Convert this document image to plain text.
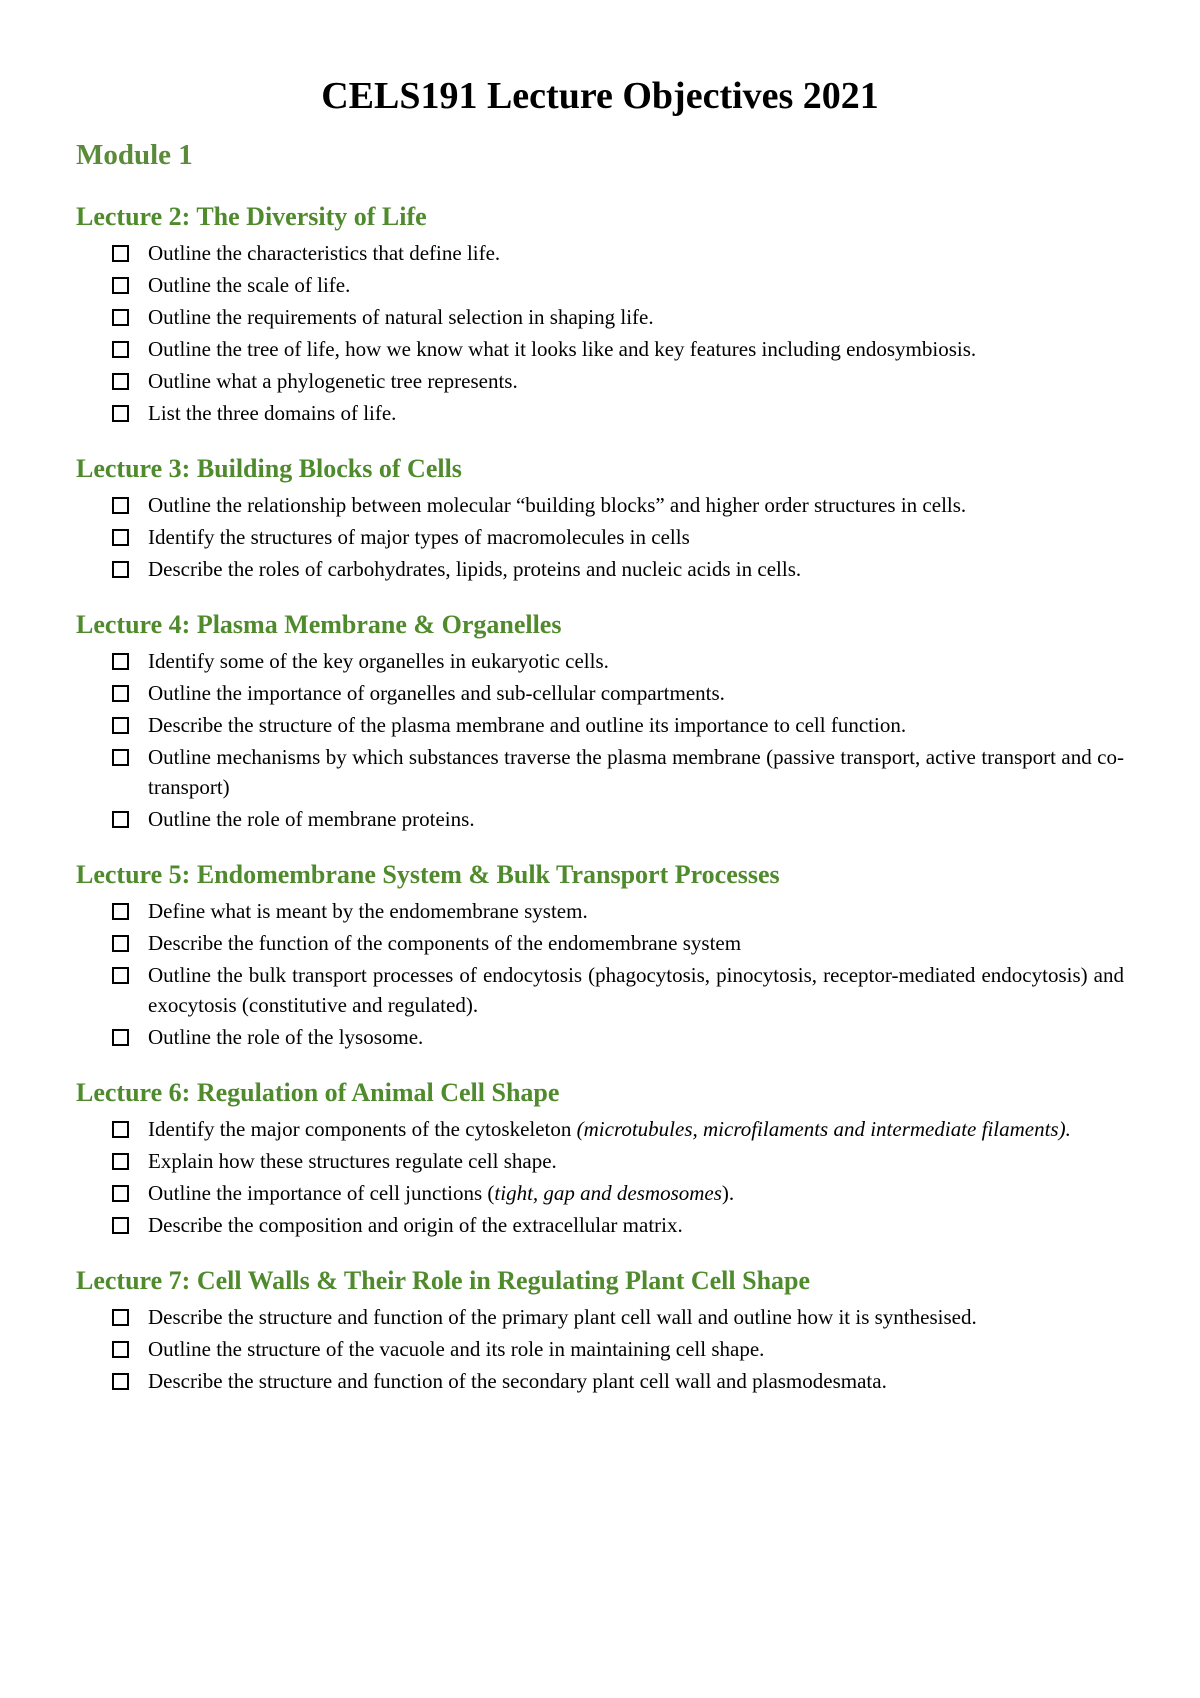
CELS191 Lecture Objectives 2021
Module 1
Lecture 2: The Diversity of Life
Outline the characteristics that define life.
Outline the scale of life.
Outline the requirements of natural selection in shaping life.
Outline the tree of life, how we know what it looks like and key features including endosymbiosis.
Outline what a phylogenetic tree represents.
List the three domains of life.
Lecture 3: Building Blocks of Cells
Outline the relationship between molecular “building blocks” and higher order structures in cells.
Identify the structures of major types of macromolecules in cells
Describe the roles of carbohydrates, lipids, proteins and nucleic acids in cells.
Lecture 4: Plasma Membrane & Organelles
Identify some of the key organelles in eukaryotic cells.
Outline the importance of organelles and sub-cellular compartments.
Describe the structure of the plasma membrane and outline its importance to cell function.
Outline mechanisms by which substances traverse the plasma membrane (passive transport, active transport and co-transport)
Outline the role of membrane proteins.
Lecture 5: Endomembrane System & Bulk Transport Processes
Define what is meant by the endomembrane system.
Describe the function of the components of the endomembrane system
Outline the bulk transport processes of endocytosis (phagocytosis, pinocytosis, receptor-mediated endocytosis) and exocytosis (constitutive and regulated).
Outline the role of the lysosome.
Lecture 6: Regulation of Animal Cell Shape
Identify the major components of the cytoskeleton (microtubules, microfilaments and intermediate filaments).
Explain how these structures regulate cell shape.
Outline the importance of cell junctions (tight, gap and desmosomes).
Describe the composition and origin of the extracellular matrix.
Lecture 7: Cell Walls & Their Role in Regulating Plant Cell Shape
Describe the structure and function of the primary plant cell wall and outline how it is synthesised.
Outline the structure of the vacuole and its role in maintaining cell shape.
Describe the structure and function of the secondary plant cell wall and plasmodesmata.
